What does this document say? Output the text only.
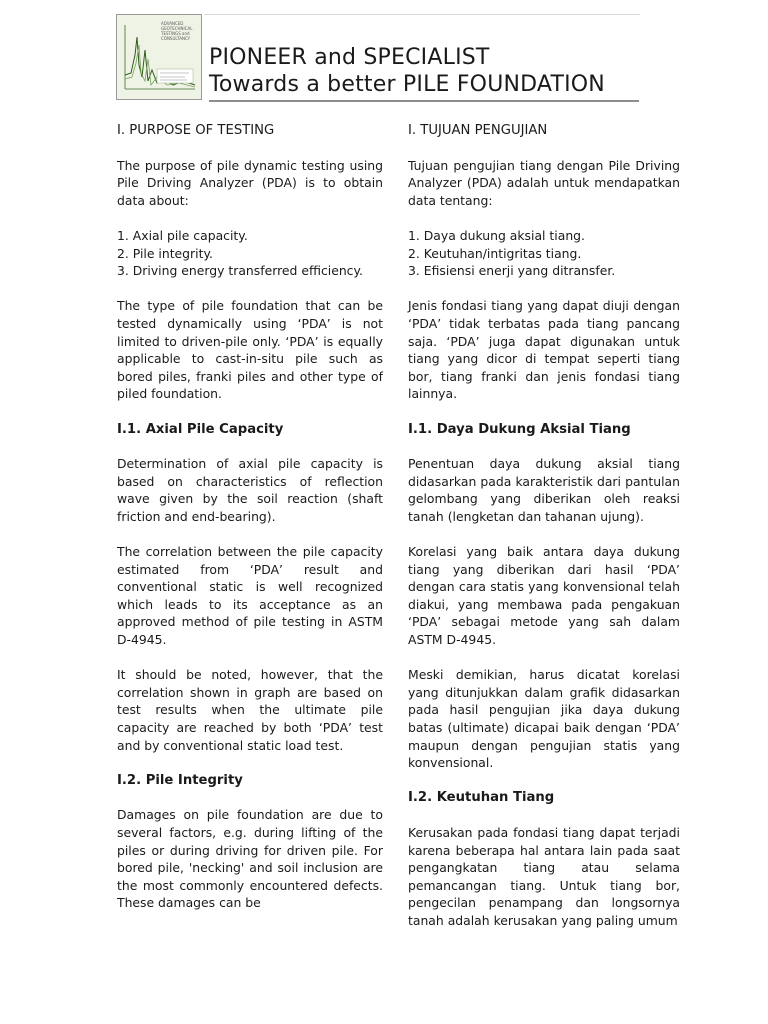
ADVANCED GEOTECHNICAL TESTINGS and CONSULTANCY
PIONEER and SPECIALIST
Towards a better PILE FOUNDATION
I. PURPOSE OF TESTING

The purpose of pile dynamic testing using Pile Driving Analyzer (PDA) is to obtain data about:

1. Axial pile capacity.
2. Pile integrity.
3. Driving energy transferred efficiency.

The type of pile foundation that can be tested dynamically using ‘PDA’ is not limited to driven-pile only. ‘PDA’ is equally applicable to cast-in-situ pile such as bored piles, franki piles and other type of piled foundation.

I.1. Axial Pile Capacity

Determination of axial pile capacity is based on characteristics of reflection wave given by the soil reaction (shaft friction and end-bearing).

The correlation between the pile capacity estimated from ‘PDA’ result and conventional static is well recognized which leads to its acceptance as an approved method of pile testing in ASTM D-4945.

It should be noted, however, that the correlation shown in graph are based on test results when the ultimate pile capacity are reached by both ‘PDA’ test and by conventional static load test.

I.2. Pile Integrity

Damages on pile foundation are due to several factors, e.g. during lifting of the piles or during driving for driven pile. For bored pile, 'necking' and soil inclusion are the most commonly encountered defects. These damages can be

I. TUJUAN PENGUJIAN

Tujuan pengujian tiang dengan Pile Driving Analyzer (PDA) adalah untuk mendapatkan data tentang:

1. Daya dukung aksial tiang.
2. Keutuhan/intigritas tiang.
3. Efisiensi enerji yang ditransfer.

Jenis fondasi tiang yang dapat diuji dengan ‘PDA’ tidak terbatas pada tiang pancang saja. ‘PDA’ juga dapat digunakan untuk tiang yang dicor di tempat seperti tiang bor, tiang franki dan jenis fondasi tiang lainnya.

I.1. Daya Dukung Aksial Tiang

Penentuan daya dukung aksial tiang didasarkan pada karakteristik dari pantulan gelombang yang diberikan oleh reaksi tanah (lengketan dan tahanan ujung).

Korelasi yang baik antara daya dukung tiang yang diberikan dari hasil ‘PDA’ dengan cara statis yang konvensional telah diakui, yang membawa pada pengakuan ‘PDA’ sebagai metode yang sah dalam ASTM D-4945.

Meski demikian, harus dicatat korelasi yang ditunjukkan dalam grafik didasarkan pada hasil pengujian jika daya dukung batas (ultimate) dicapai baik dengan ‘PDA’ maupun dengan pengujian statis yang konvensional.

I.2. Keutuhan Tiang

Kerusakan pada fondasi tiang dapat terjadi karena beberapa hal antara lain pada saat pengangkatan tiang atau selama pemancangan tiang. Untuk tiang bor, pengecilan penampang dan longsornya tanah adalah kerusakan yang paling umum
